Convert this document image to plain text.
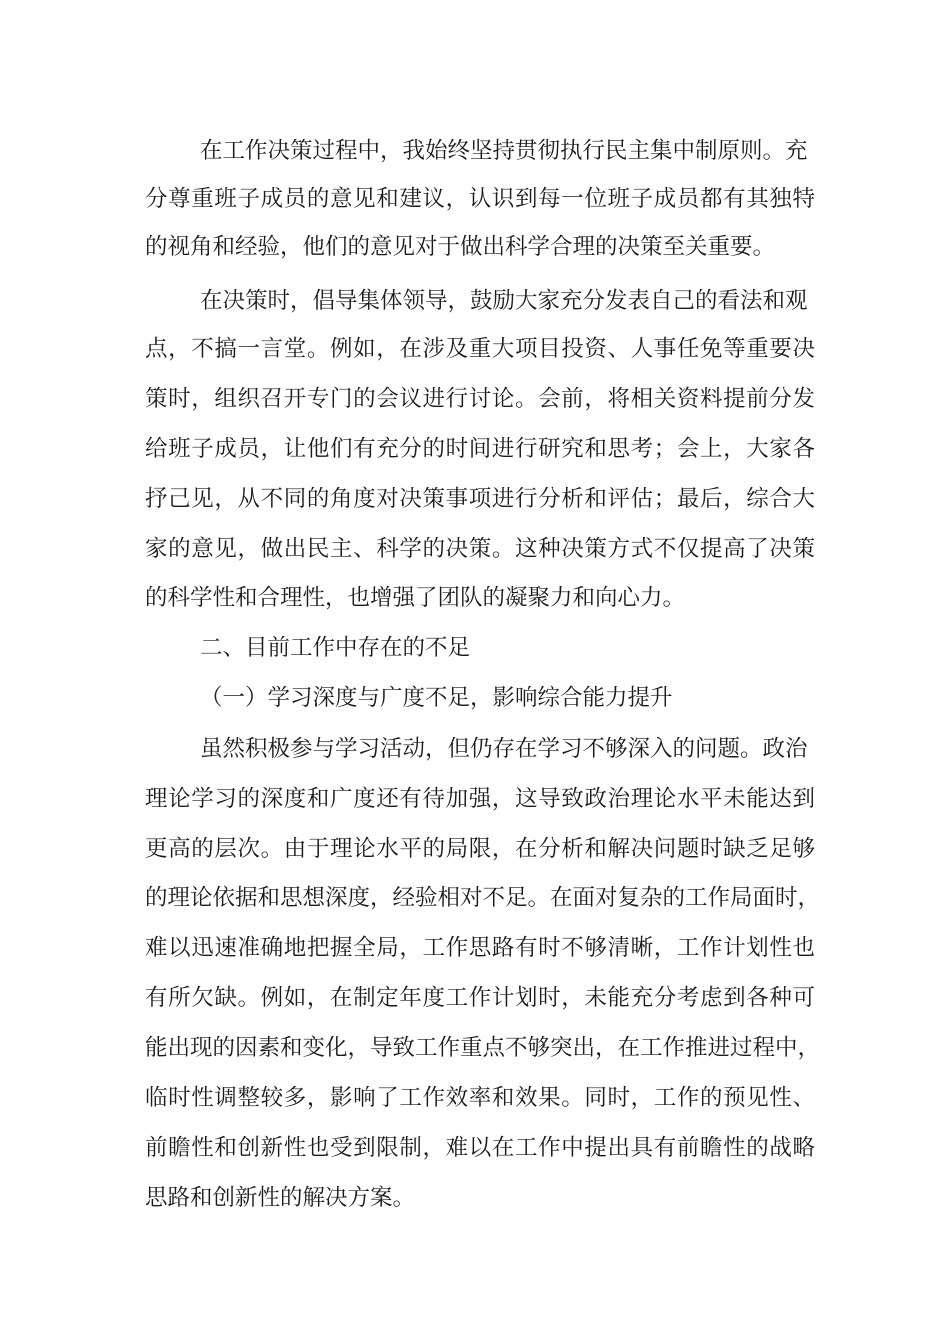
在工作决策过程中，我始终坚持贯彻执行民主集中制原则。充
分尊重班子成员的意见和建议，认识到每一位班子成员都有其独特
的视角和经验，他们的意见对于做出科学合理的决策至关重要。
在决策时，倡导集体领导，鼓励大家充分发表自己的看法和观
点，不搞一言堂。例如，在涉及重大项目投资、人事任免等重要决
策时，组织召开专门的会议进行讨论。会前，将相关资料提前分发
给班子成员，让他们有充分的时间进行研究和思考；会上，大家各
抒己见，从不同的角度对决策事项进行分析和评估；最后，综合大
家的意见，做出民主、科学的决策。这种决策方式不仅提高了决策
的科学性和合理性，也增强了团队的凝聚力和向心力。
二、目前工作中存在的不足
（一）学习深度与广度不足，影响综合能力提升
虽然积极参与学习活动，但仍存在学习不够深入的问题。政治
理论学习的深度和广度还有待加强，这导致政治理论水平未能达到
更高的层次。由于理论水平的局限，在分析和解决问题时缺乏足够
的理论依据和思想深度，经验相对不足。在面对复杂的工作局面时，
难以迅速准确地把握全局，工作思路有时不够清晰，工作计划性也
有所欠缺。例如，在制定年度工作计划时，未能充分考虑到各种可
能出现的因素和变化，导致工作重点不够突出，在工作推进过程中，
临时性调整较多，影响了工作效率和效果。同时，工作的预见性、
前瞻性和创新性也受到限制，难以在工作中提出具有前瞻性的战略
思路和创新性的解决方案。
